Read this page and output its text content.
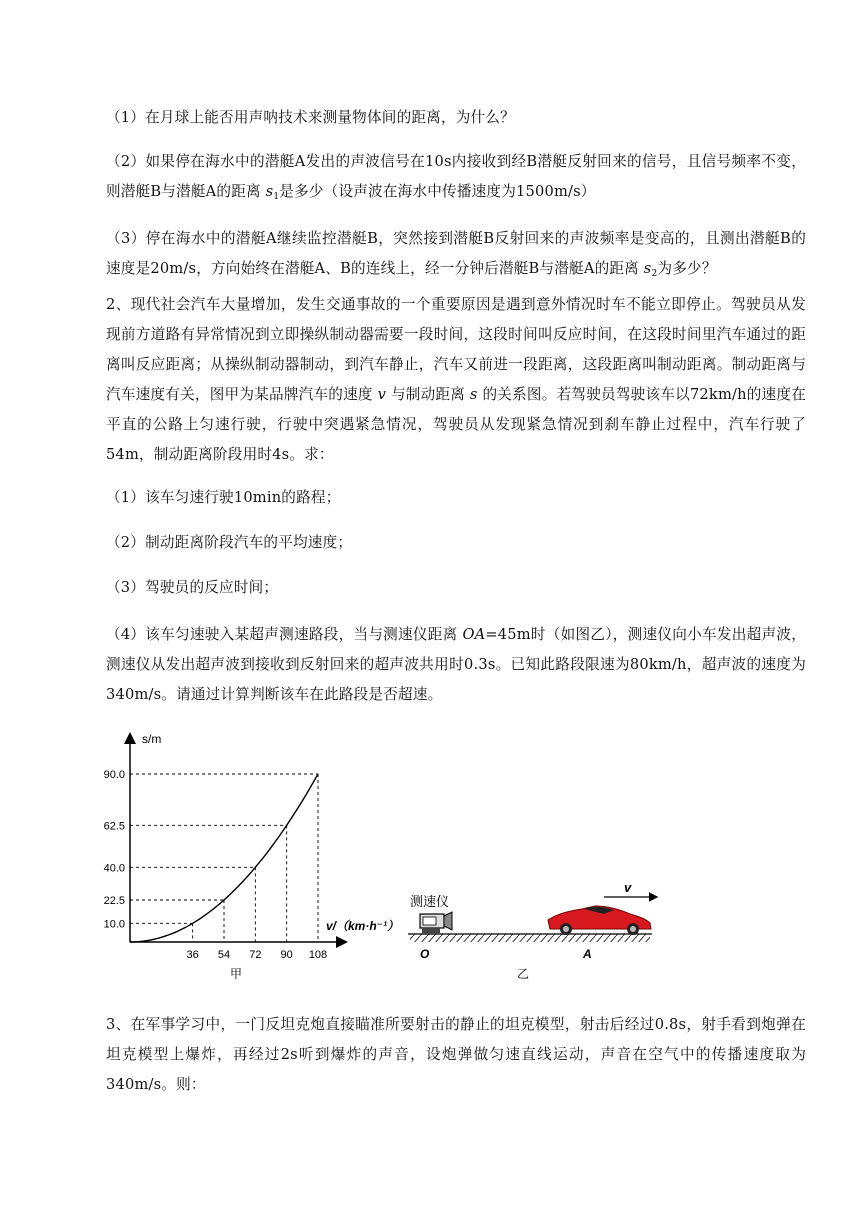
（1）在月球上能否用声呐技术来测量物体间的距离，为什么？

（2）如果停在海水中的潜艇A发出的声波信号在10s内接收到经B潜艇反射回来的信号，且信号频率不变，则潜艇B与潜艇A的距离 $s_1$是多少（设声波在海水中传播速度为1500m/s）

（3）停在海水中的潜艇A继续监控潜艇B，突然接到潜艇B反射回来的声波频率是变高的，且测出潜艇B的速度是20m/s，方向始终在潜艇A、B的连线上，经一分钟后潜艇B与潜艇A的距离 $s_2$为多少？

2、现代社会汽车大量增加，发生交通事故的一个重要原因是遇到意外情况时车不能立即停止。驾驶员从发现前方道路有异常情况到立即操纵制动器需要一段时间，这段时间叫反应时间，在这段时间里汽车通过的距离叫反应距离；从操纵制动器制动，到汽车静止，汽车又前进一段距离，这段距离叫制动距离。制动距离与汽车速度有关，图甲为某品牌汽车的速度 v 与制动距离 s 的关系图。若驾驶员驾驶该车以72km/h的速度在平直的公路上匀速行驶，行驶中突遇紧急情况，驾驶员从发现紧急情况到刹车静止过程中，汽车行驶了54m，制动距离阶段用时4s。求：

（1）该车匀速行驶10min的路程；

（2）制动距离阶段汽车的平均速度；

（3）驾驶员的反应时间；

（4）该车匀速驶入某超声测速路段，当与测速仪距离 OA=45m时（如图乙），测速仪向小车发出超声波，测速仪从发出超声波到接收到反射回来的超声波共用时0.3s。已知此路段限速为80km/h，超声波的速度为340m/s。请通过计算判断该车在此路段是否超速。

90.0
62.5
40.0
22.5
10.0
36 54 72 90 108
s/m
v/（km·h⁻¹）
甲
测速仪
v
O	A
乙

3、在军事学习中，一门反坦克炮直接瞄准所要射击的静止的坦克模型，射击后经过0.8s，射手看到炮弹在坦克模型上爆炸，再经过2s听到爆炸的声音，设炮弹做匀速直线运动，声音在空气中的传播速度取为340m/s。则：
